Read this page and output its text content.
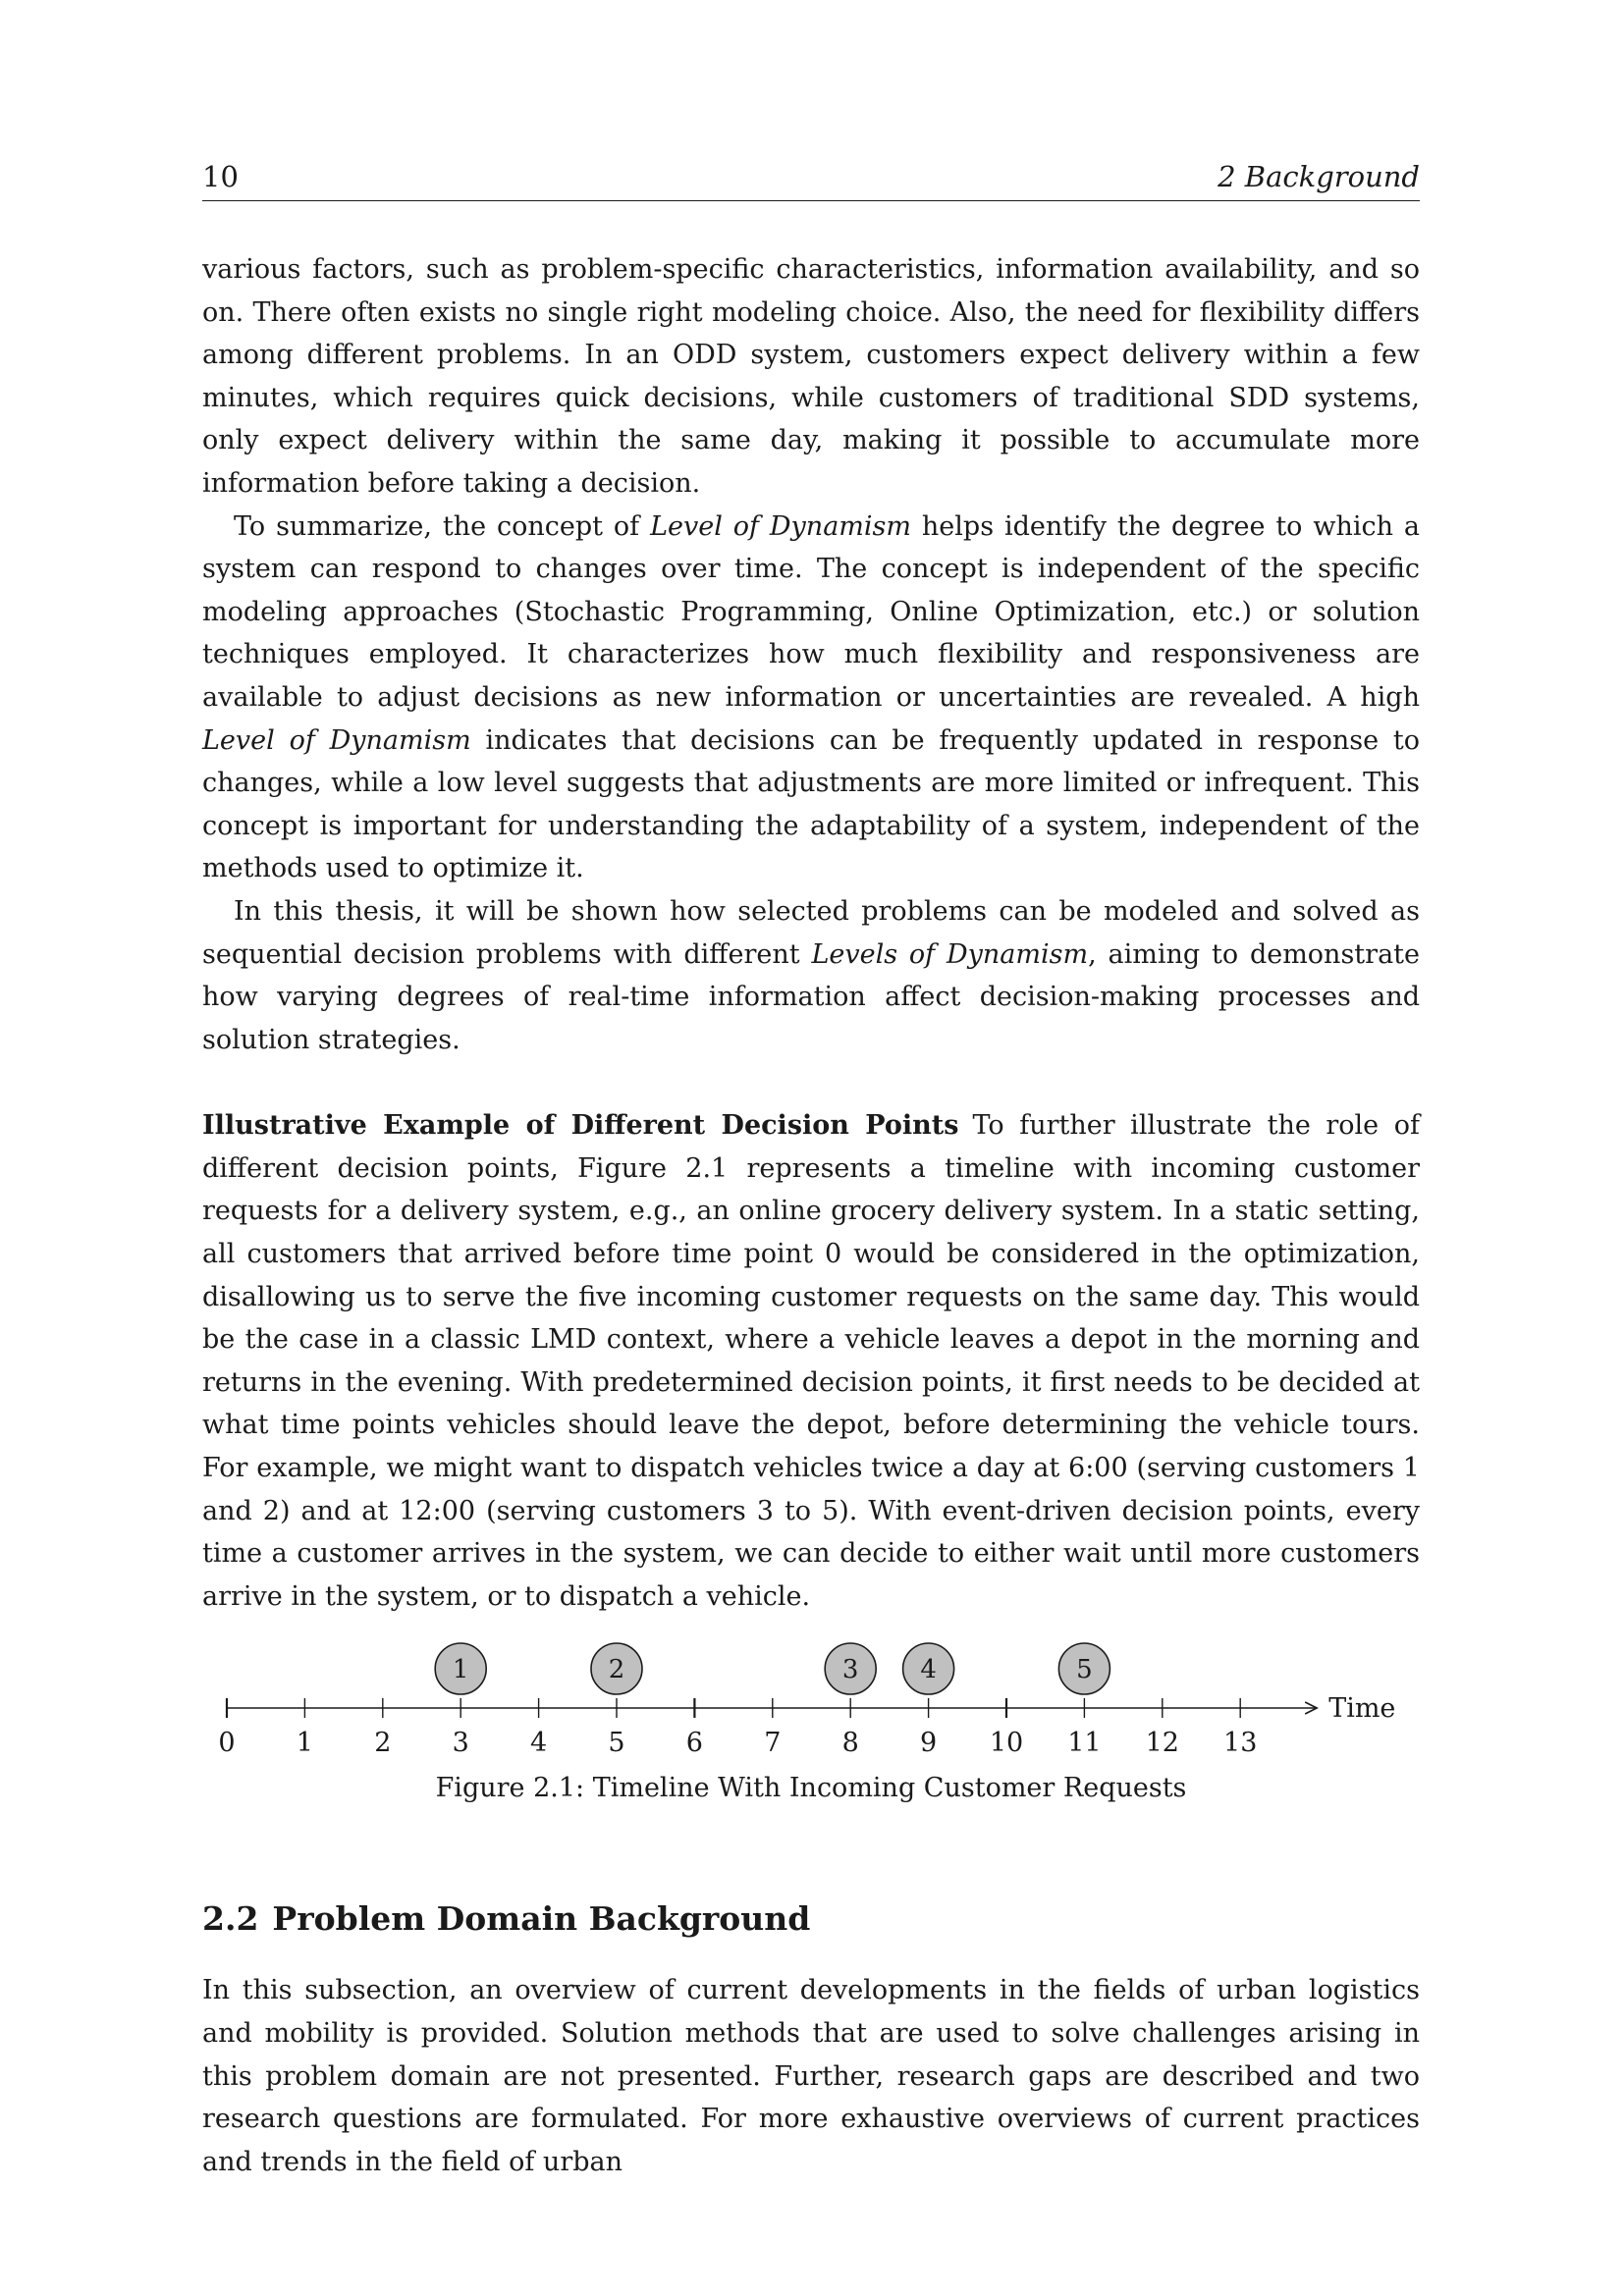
10	2 Background

various factors, such as problem-specific characteristics, information availability, and so on. There often exists no single right modeling choice. Also, the need for flexibility differs among different problems. In an ODD system, customers expect delivery within a few minutes, which requires quick decisions, while customers of traditional SDD systems, only expect delivery within the same day, making it possible to accumulate more information before taking a decision.

To summarize, the concept of Level of Dynamism helps identify the degree to which a system can respond to changes over time. The concept is independent of the specific modeling approaches (Stochastic Programming, Online Optimization, etc.) or solution techniques employed. It characterizes how much flexibility and responsiveness are available to adjust decisions as new information or uncertainties are revealed. A high Level of Dynamism indicates that decisions can be frequently updated in response to changes, while a low level suggests that adjustments are more limited or infrequent. This concept is important for understanding the adaptability of a system, independent of the methods used to optimize it.

In this thesis, it will be shown how selected problems can be modeled and solved as sequential decision problems with different Levels of Dynamism, aiming to demonstrate how varying degrees of real-time information affect decision-making processes and solution strategies.

Illustrative Example of Different Decision Points To further illustrate the role of different decision points, Figure 2.1 represents a timeline with incoming customer requests for a delivery system, e.g., an online grocery delivery system. In a static setting, all customers that arrived before time point 0 would be considered in the optimization, disallowing us to serve the five incoming customer requests on the same day. This would be the case in a classic LMD context, where a vehicle leaves a depot in the morning and returns in the evening. With predetermined decision points, it first needs to be decided at what time points vehicles should leave the depot, before determining the vehicle tours. For example, we might want to dispatch vehicles twice a day at 6:00 (serving customers 1 and 2) and at 12:00 (serving customers 3 to 5). With event-driven decision points, every time a customer arrives in the system, we can decide to either wait until more customers arrive in the system, or to dispatch a vehicle.

Time
0 1 2 3 4 5 6 7 8 9 10 11 12 13
1	2	3 4	5
Figure 2.1: Timeline With Incoming Customer Requests
2.2 Problem Domain Background

In this subsection, an overview of current developments in the fields of urban logistics and mobility is provided. Solution methods that are used to solve challenges arising in this problem domain are not presented. Further, research gaps are described and two research questions are formulated. For more exhaustive overviews of current practices and trends in the field of urban
